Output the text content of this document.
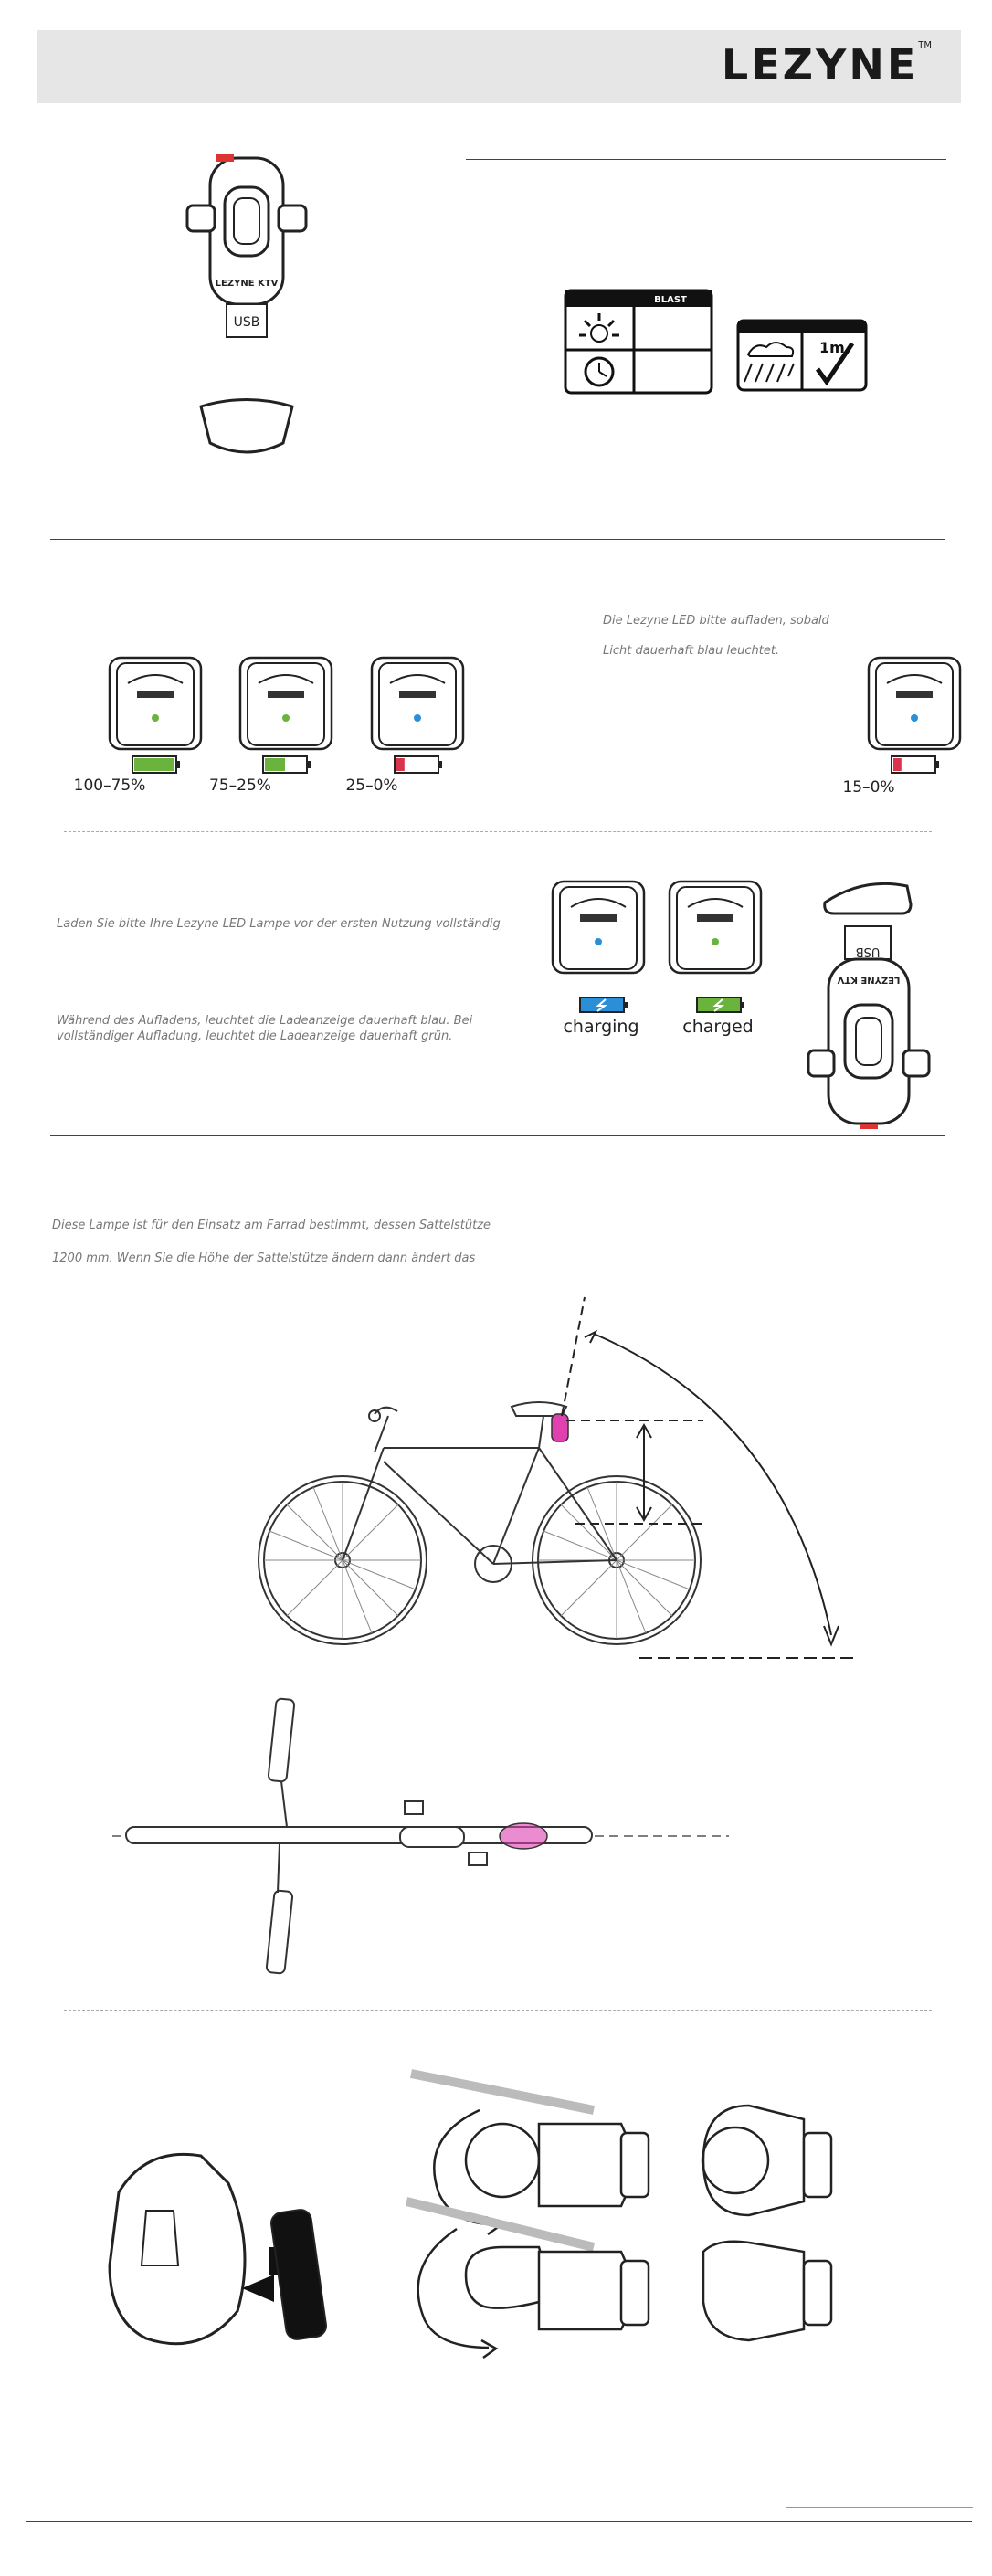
LEZYNE™
LEZYNE KTV
USB
BLAST
1m
Die Lezyne LED bitte aufladen, sobald
Licht dauerhaft blau leuchtet.
100–75%	75–25%	25–0%	15–0%
Laden Sie bitte Ihre Lezyne LED Lampe vor der ersten Nutzung vollständig
Während des Aufladens, leuchtet die Ladeanzeige dauerhaft blau. Bei
vollständiger Aufladung, leuchtet die Ladeanzeige dauerhaft grün.	charging	charged
USB
LEZYNE KTV
Diese Lampe ist für den Einsatz am Farrad bestimmt, dessen Sattelstütze
1200 mm. Wenn Sie die Höhe der Sattelstütze ändern dann ändert das
